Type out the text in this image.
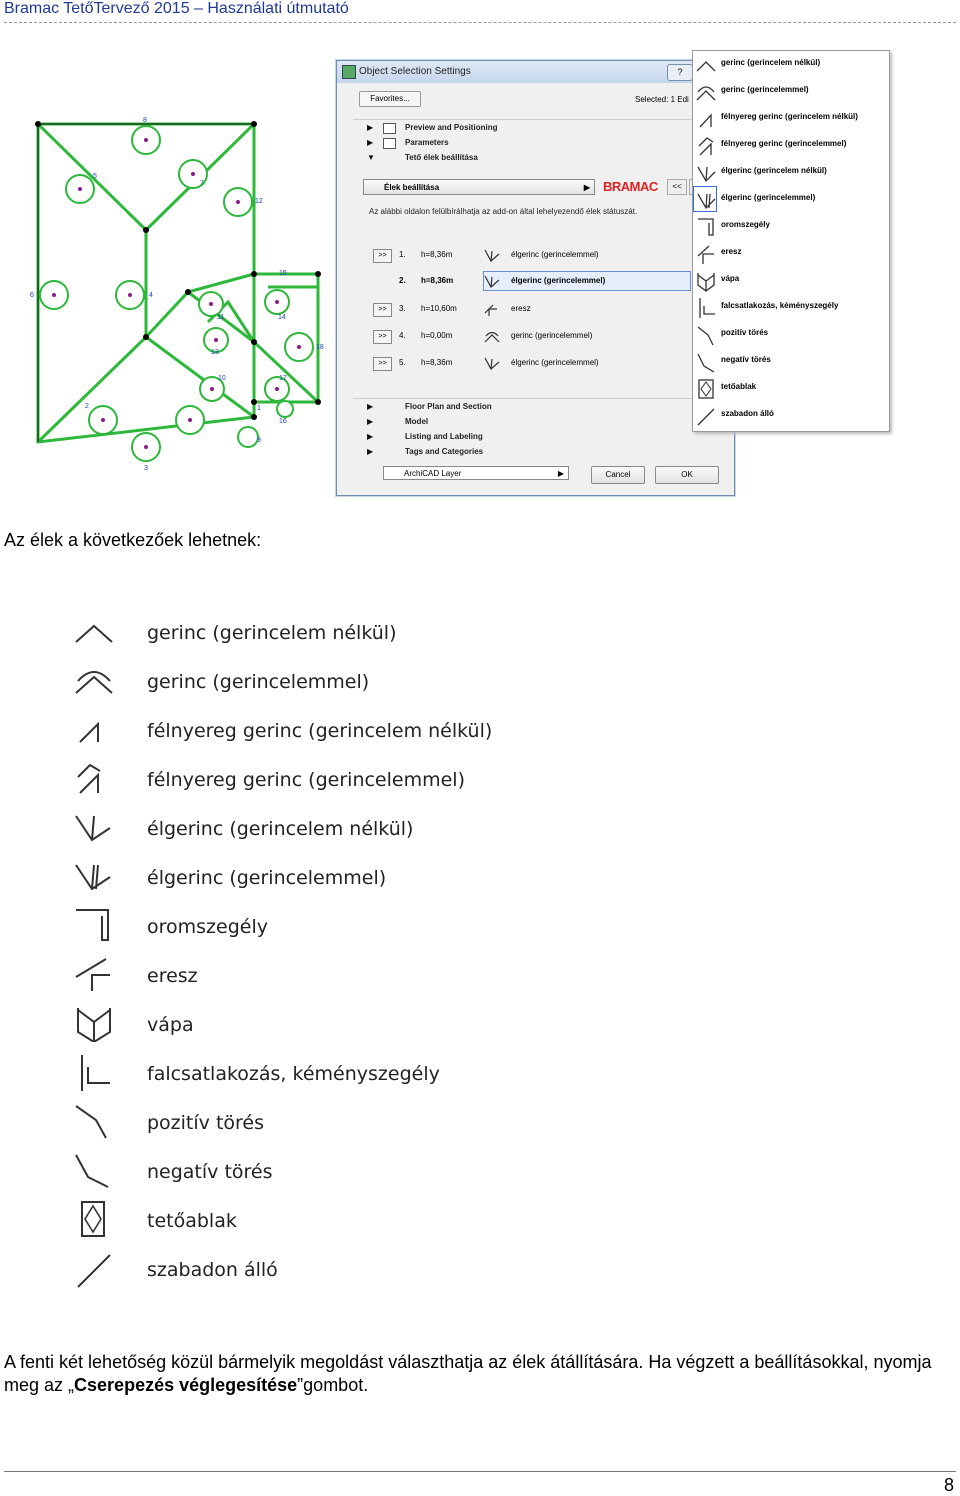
Bramac TetőTervező 2015 – Használati útmutató
1
2
3
4
5
6
7
8
9
10
11
12
13
14
15
16
17
18
Object Selection Settings	?
Favorites...	Selected: 1 Edi
▶	Preview and Positioning
▶	Parameters
▼	Tető élek beállítása
Élek beállítása	▶ BRAMAC	<<
Az alábbi oldalon felülbírálhatja az add-on által lehelyezendő élek státuszát.
>>	1. h=8,36m	élgerinc (gerincelemmel)
2. h=8,36m	élgerinc (gerincelemmel)
>>	3. h=10,60m	eresz
>>	4. h=0,00m	gerinc (gerincelemmel)
>>	5. h=8,36m	élgerinc (gerincelemmel)
▶	Floor Plan and Section
▶	Model
▶	Listing and Labeling
▶	Tags and Categories
ArchiCAD Layer	▶	Cancel	OK
gerinc (gerincelem nélkül)
gerinc (gerincelemmel)
félnyereg gerinc (gerincelem nélkül)
félnyereg gerinc (gerincelemmel)
élgerinc (gerincelem nélkül)
élgerinc (gerincelemmel)
oromszegély
eresz
vápa
falcsatlakozás, kéményszegély
pozitív törés
negatív törés
tetőablak
szabadon álló
Az élek a következőek lehetnek:
gerinc (gerincelem nélkül)
gerinc (gerincelemmel)
félnyereg gerinc (gerincelem nélkül)
félnyereg gerinc (gerincelemmel)
élgerinc (gerincelem nélkül)
élgerinc (gerincelemmel)
oromszegély
eresz
vápa
falcsatlakozás, kéményszegély
pozitív törés
negatív törés
tetőablak
szabadon álló
A fenti két lehetőség közül bármelyik megoldást választhatja az élek átállítására. Ha végzett a beállításokkal, nyomja meg az „Cserepezés véglegesítése”gombot.
8
